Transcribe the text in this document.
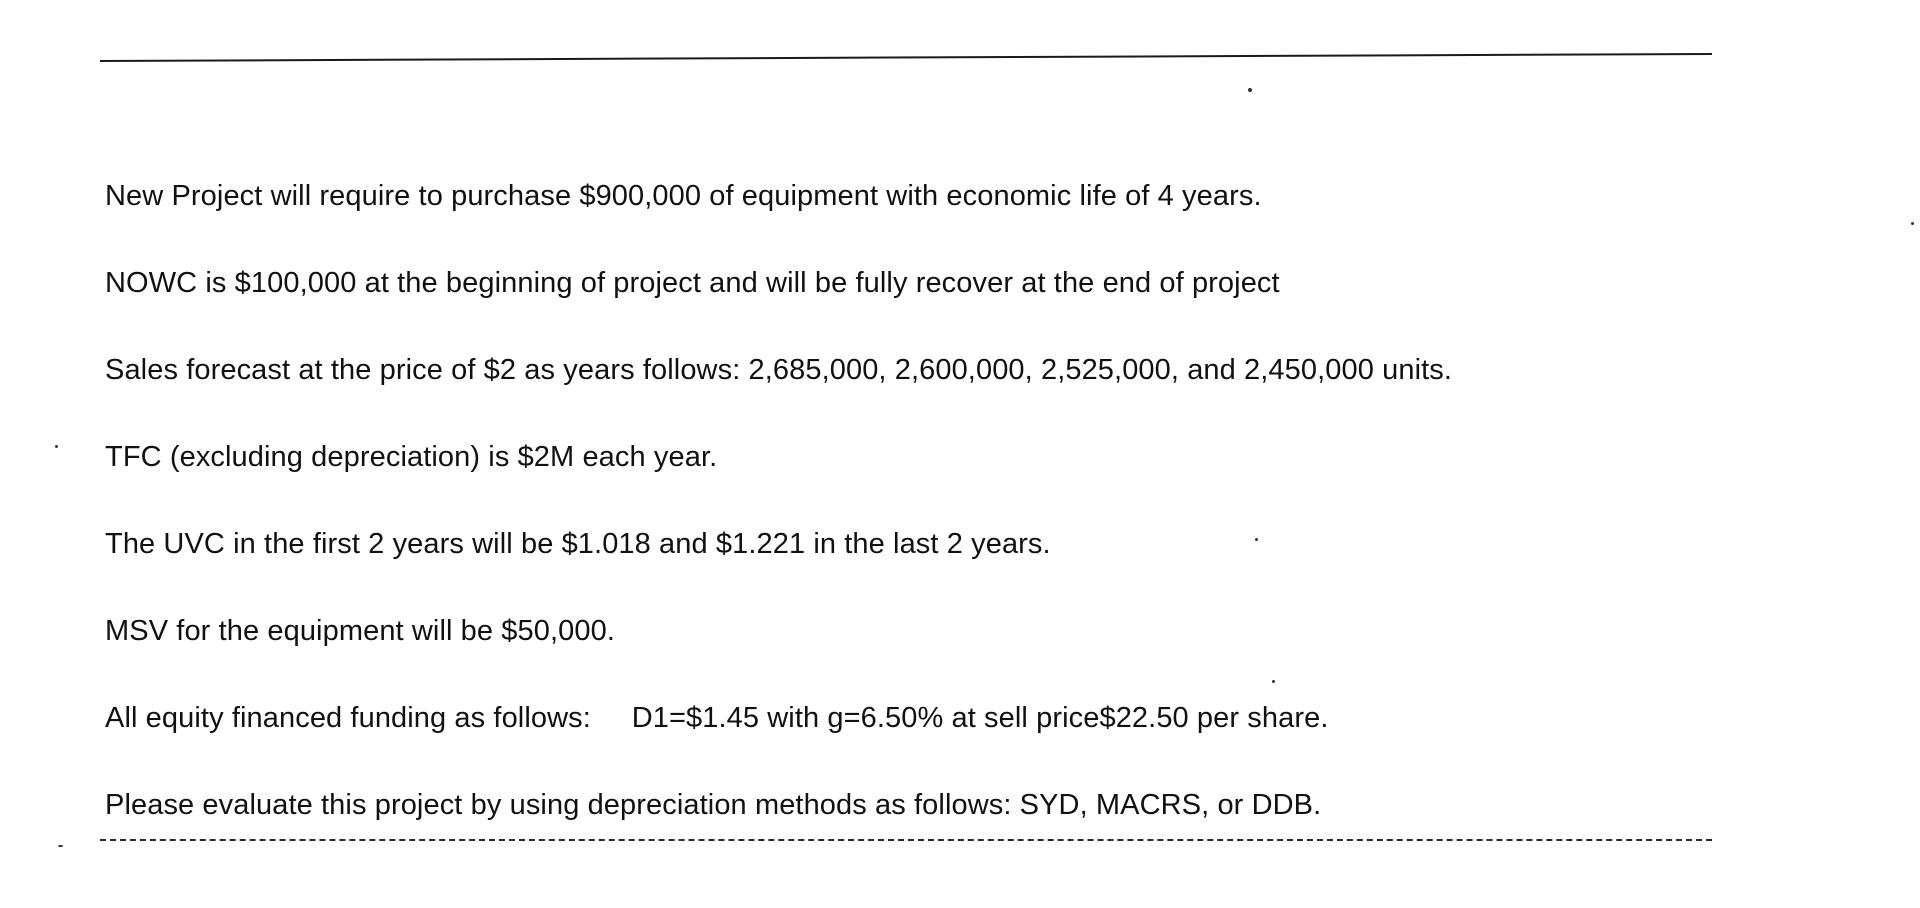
New Project will require to purchase $900,000 of equipment with economic life of 4 years.
NOWC is $100,000 at the beginning of project and will be fully recover at the end of project
Sales forecast at the price of $2 as years follows: 2,685,000, 2,600,000, 2,525,000, and 2,450,000 units.
TFC (excluding depreciation) is $2M each year.
The UVC in the first 2 years will be $1.018 and $1.221 in the last 2 years.
MSV for the equipment will be $50,000.
All equity financed funding as follows:     D1=$1.45 with g=6.50% at sell price$22.50 per share.
Please evaluate this project by using depreciation methods as follows: SYD, MACRS, or DDB.
